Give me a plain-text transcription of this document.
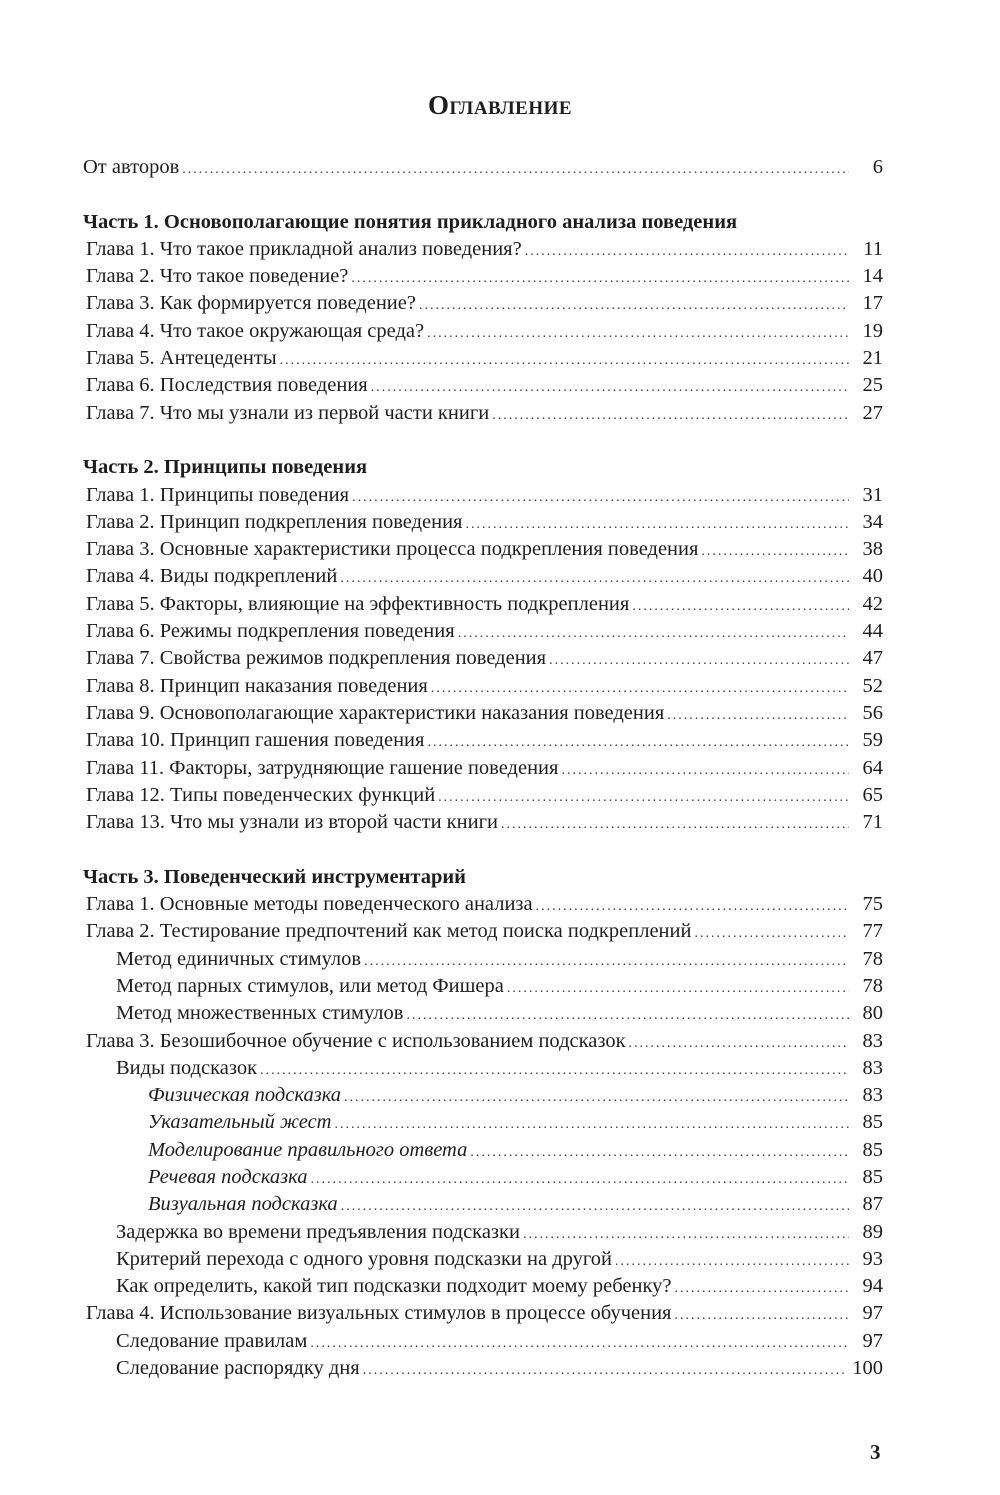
Оглавление
От авторов .....	6
Часть 1. Основополагающие понятия прикладного анализа поведения
Глава 1. Что такое прикладной анализ поведения? .....	11
Глава 2. Что такое поведение? .....	14
Глава 3. Как формируется поведение? .....	17
Глава 4. Что такое окружающая среда? .....	19
Глава 5. Антецеденты .....	21
Глава 6. Последствия поведения .....	25
Глава 7. Что мы узнали из первой части книги .....	27
Часть 2. Принципы поведения
Глава 1. Принципы поведения .....	31
Глава 2. Принцип подкрепления поведения .....	34
Глава 3. Основные характеристики процесса подкрепления поведения .....	38
Глава 4. Виды подкреплений .....	40
Глава 5. Факторы, влияющие на эффективность подкрепления .....	42
Глава 6. Режимы подкрепления поведения .....	44
Глава 7. Свойства режимов подкрепления поведения .....	47
Глава 8. Принцип наказания поведения .....	52
Глава 9. Основополагающие характеристики наказания поведения .....	56
Глава 10. Принцип гашения поведения .....	59
Глава 11. Факторы, затрудняющие гашение поведения .....	64
Глава 12. Типы поведенческих функций .....	65
Глава 13. Что мы узнали из второй части книги .....	71
Часть 3. Поведенческий инструментарий
Глава 1. Основные методы поведенческого анализа .....	75
Глава 2. Тестирование предпочтений как метод поиска подкреплений .....	77
Метод единичных стимулов .....	78
Метод парных стимулов, или метод Фишера .....	78
Метод множественных стимулов .....	80
Глава 3. Безошибочное обучение с использованием подсказок .....	83
Виды подсказок .....	83
Физическая подсказка .....	83
Указательный жест .....	85
Моделирование правильного ответа .....	85
Речевая подсказка .....	85
Визуальная подсказка .....	87
Задержка во времени предъявления подсказки .....	89
Критерий перехода с одного уровня подсказки на другой .....	93
Как определить, какой тип подсказки подходит моему ребенку? .....	94
Глава 4. Использование визуальных стимулов в процессе обучения .....	97
Следование правилам .....	97
Следование распорядку дня .....	100
3
